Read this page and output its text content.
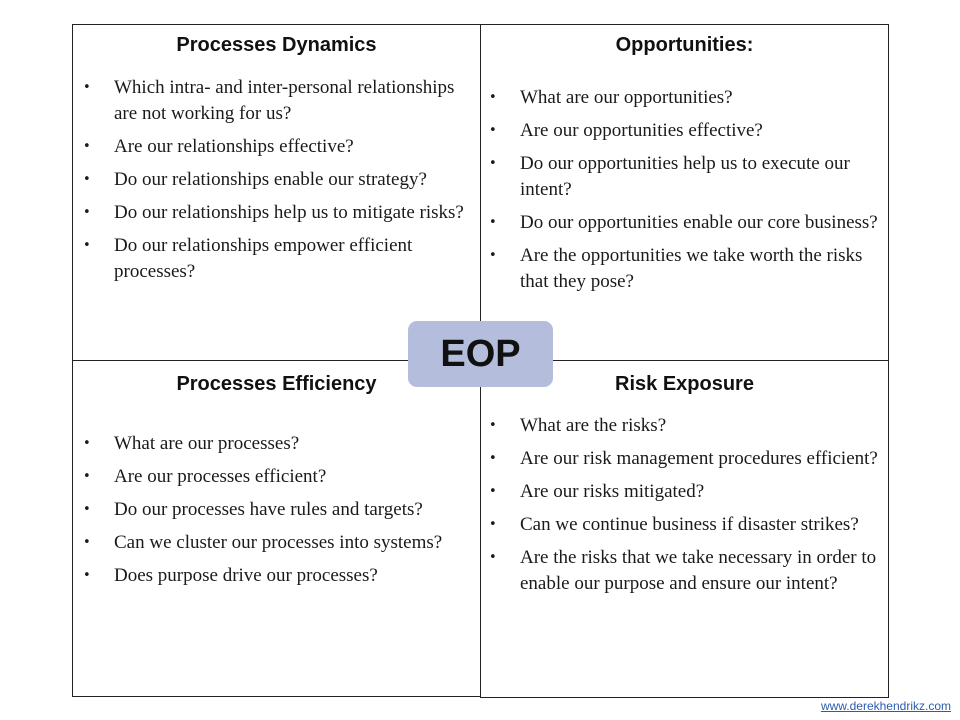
Processes Dynamics
•	Which intra- and inter-personal relationships are not working for us?
•	Are our relationships effective?
•	Do our relationships enable our strategy?
•	Do our relationships help us to mitigate risks?
•	Do our relationships empower efficient processes?
Opportunities:
•	What are our opportunities?
•	Are our opportunities effective?
•	Do our opportunities help us to execute our intent?
•	Do our opportunities enable our core business?
•	Are the opportunities we take worth the risks that they pose?
Processes Efficiency
•	What are our processes?
•	Are our processes efficient?
•	Do our processes have rules and targets?
•	Can we cluster our processes into systems?
•	Does purpose drive our processes?
Risk Exposure
•	What are the risks?
•	Are our risk management procedures efficient?
•	Are our risks mitigated?
•	Can we continue business if disaster strikes?
•	Are the risks that we take necessary in order to enable our purpose and ensure our intent?
EOP
www.derekhendrikz.com
